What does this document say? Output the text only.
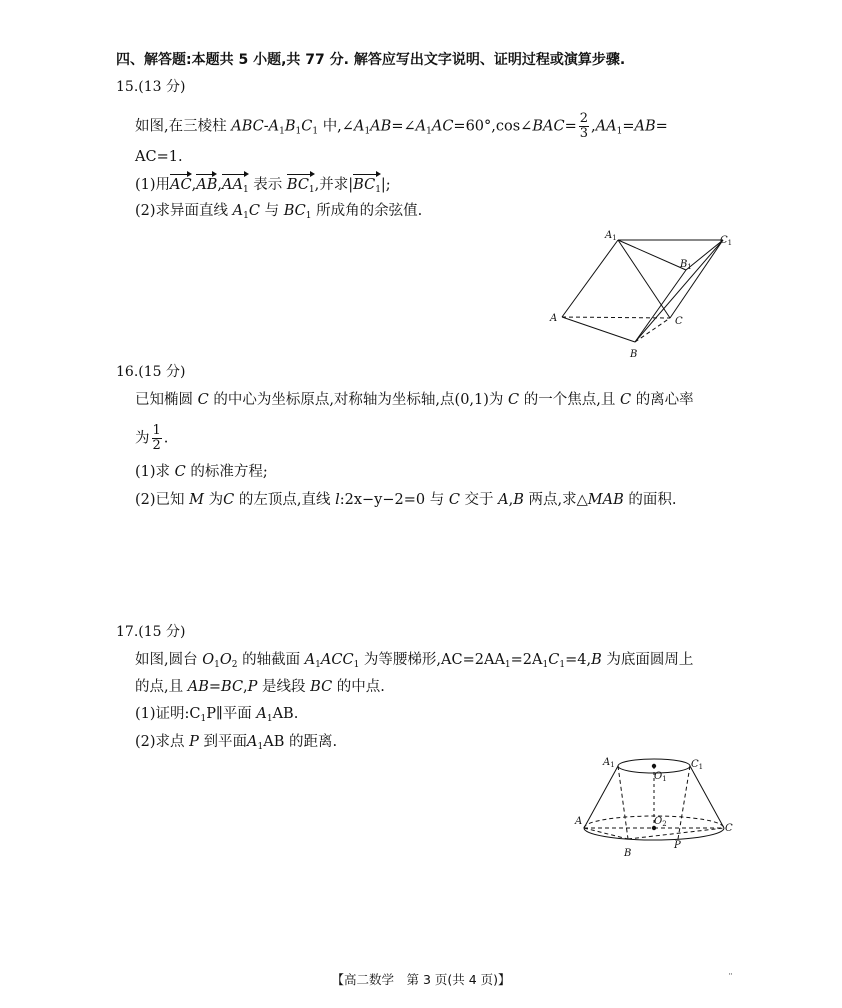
四、解答题:本题共 5 小题,共 77 分. 解答应写出文字说明、证明过程或演算步骤.
15.(13 分)
如图,在三棱柱 ABC-$A_1B_1C_1$ 中$,\angle A_1AB=\angle A_1AC=60^\circ,\cos\angle BAC= \frac{2}{3} ,AA_1=AB=$
AC=1.
(1)用$AC,AB,AA_1$ 表示 $BC_1$,并求$|BC_1|$;
(2)求异面直线 $A_1C$ 与 $BC_1$ 所成角的余弦值.
$A_1$	$C_1$
$B_1$
A	C
B
16.(15 分)
已知椭圆 C 的中心为坐标原点,对称轴为坐标轴,点(0,1)为 C 的一个焦点,且 C 的离心率
为 $\frac{1}{2}$ .
(1)求 C 的标准方程;
(2)已知 M 为C 的左顶点,直线 l:2x−y−2=0 与 C 交于 A,B 两点,求△MAB 的面积.
17.(15 分)
如图,圆台 $O_1O_2$ 的轴截面 $A_1ACC_1$ 为等腰梯形$,AC=2AA_1=2A_1C_1=4,B$ 为底面圆周上
的点,且 AB=BC,P 是线段 BC 的中点.
(1)证明$:C_1P\parallel$平面 $A_1AB$.
(2)求点 P 到平面$A_1AB$ 的距离.
$A_1$	$C_1$
$O_1$
$O_2$
A
C
B
P
【高二数学　第 3 页(共 4 页)】	¨
